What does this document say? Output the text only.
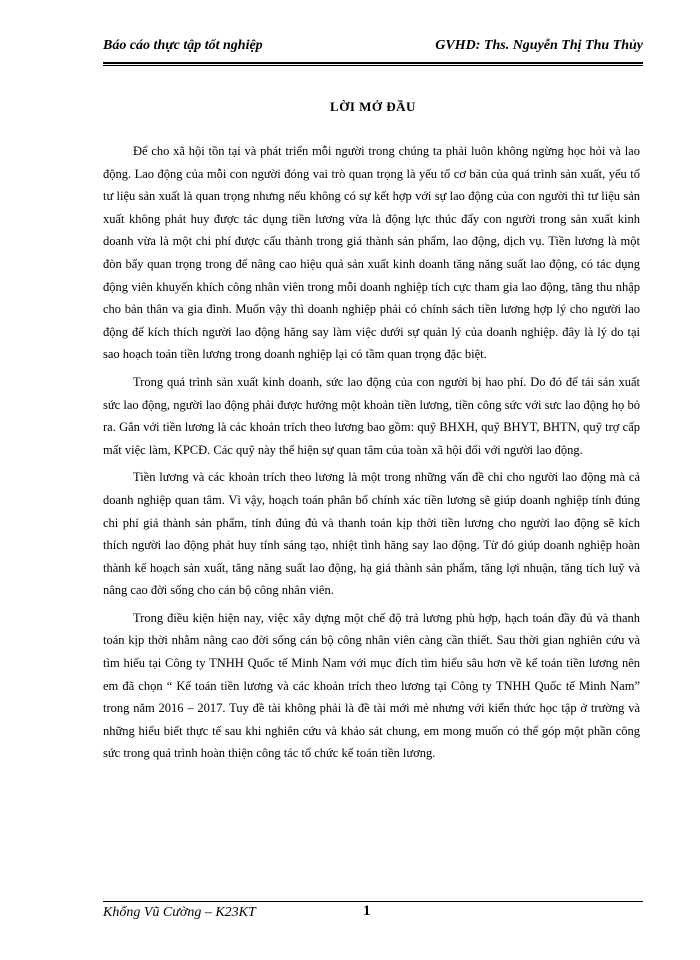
Báo cáo thực tập tốt nghiệp	GVHD: Ths. Nguyễn Thị Thu Thủy
LỜI MỞ ĐẦU

Để cho xã hội tồn tại và phát triển mỗi người trong chúng ta phải luôn không ngừng học hỏi và lao động. Lao động của mỗi con người đóng vai trò quan trọng là yếu tố cơ bản của quá trình sản xuất, yếu tố tư liệu sản xuất là quan trọng nhưng nếu không có sự kết hợp với sự lao động của con người thì tư liệu sản xuất không phát huy được tác dụng tiền lương vừa là động lực thúc đẩy con người trong sản xuất kinh doanh vừa là một chi phí được cấu thành trong giá thành sản phẩm, lao động, dịch vụ. Tiền lương là một đòn bẩy quan trọng trong để nâng cao hiệu quả sản xuất kinh doanh tăng năng suất lao động, có tác dụng động viên khuyến khích công nhân viên trong mỗi doanh nghiệp tích cực tham gia lao động, tăng thu nhập cho bản thân va gia đình. Muốn vậy thì doanh nghiệp phải có chính sách tiền lương hợp lý cho người lao động để kích thích người lao động hăng say làm việc dưới sự quản lý của doanh nghiệp. đây là lý do tại sao hoạch toán tiền lương trong doanh nghiệp lại có tầm quan trọng đặc biệt.

Trong quá trình sản xuất kinh doanh, sức lao động của con người bị hao phí. Do đó để tái sản xuất sức lao động, người lao động phải được hưởng một khoản tiền lương, tiền công sức với sưc lao động họ bỏ ra. Gắn với tiền lương là các khoản trích theo lương bao gồm: quỹ BHXH, quỹ BHYT, BHTN, quỹ trợ cấp mất việc làm, KPCĐ. Các quỹ này thể hiện sự quan tâm của toàn xã hội đối với người lao động.

Tiền lương và các khoản trích theo lương là một trong những vấn đề chỉ cho người lao động mà cả doanh nghiệp quan tâm. Vì vậy, hoạch toán phân bố chính xác tiền lương sẽ giúp doanh nghiệp tính đúng chi phí giá thành sản phẩm, tính đúng đủ và thanh toán kịp thời tiền lương cho người lao động sẽ kích thích người lao động phát huy tính sáng tạo, nhiệt tình hăng say lao động. Từ đó giúp doanh nghiệp hoàn thành kế hoạch sản xuất, tăng năng suất lao động, hạ giá thành sản phẩm, tăng lợi nhuận, tăng tích luỹ và nâng cao đời sống cho cán bộ công nhân viên.

Trong điều kiện hiện nay, việc xây dựng một chế độ trả lương phù hợp, hạch toán đầy đủ và thanh toán kịp thời nhằm nâng cao đời sống cán bộ công nhân viên càng cần thiết. Sau thời gian nghiên cứu và tìm hiểu tại Công ty TNHH Quốc tế Minh Nam với mục đích tìm hiểu sâu hơn về kế toán tiền lương nên em đã chọn “ Kế toán tiền lương và các khoản trích theo lương tại Công ty TNHH Quốc tế Minh Nam” trong năm 2016 – 2017. Tuy đề tài không phải là đề tài mới mẻ nhưng với kiến thức học tập ở trường và những hiểu biết thực tế sau khi nghiên cứu và khảo sát chung, em mong muốn có thể góp một phần công sức trong quá trình hoàn thiện công tác tổ chức kế toán tiền lương.

Khổng Vũ Cường – K23KT	1
